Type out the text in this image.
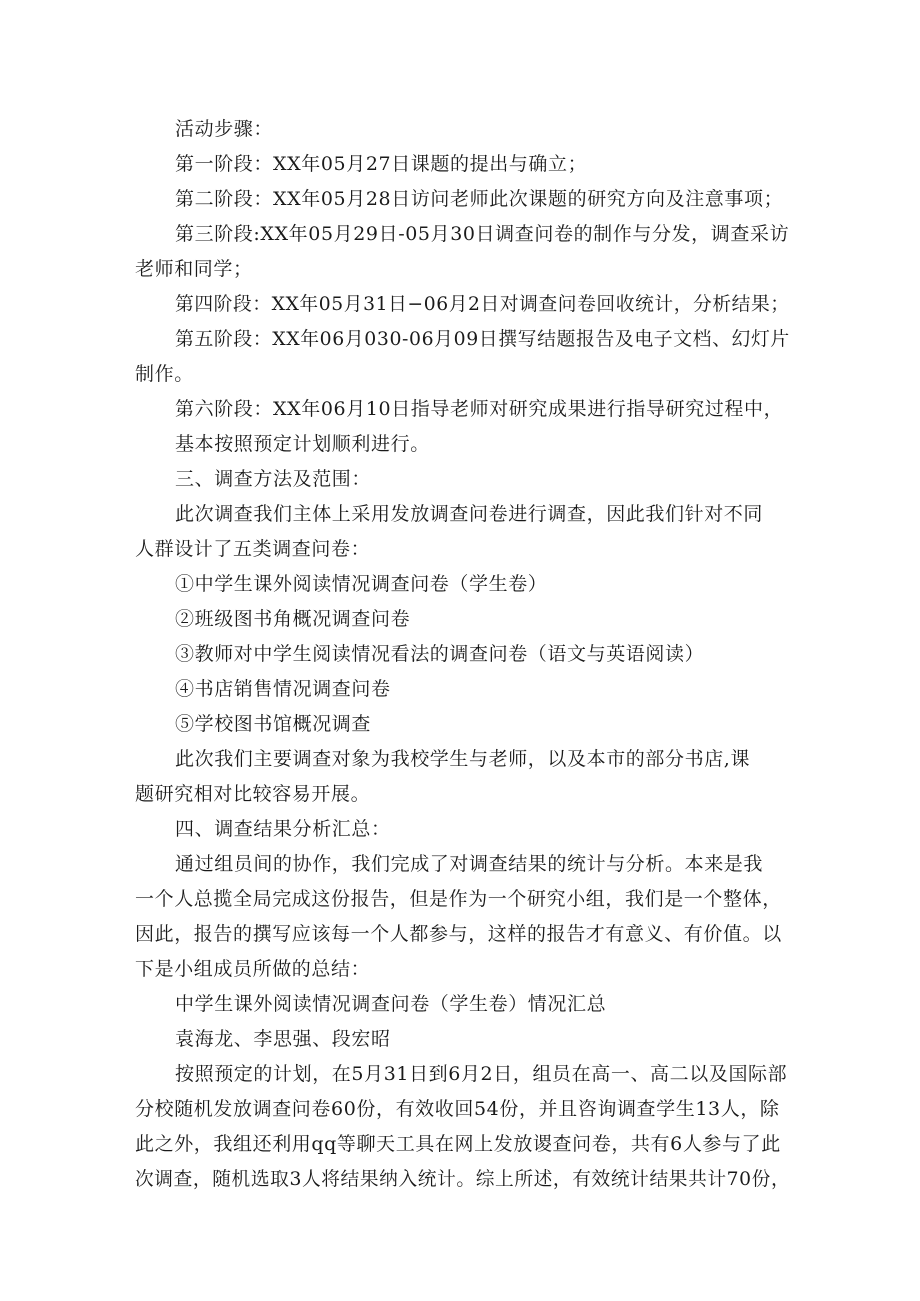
活动步骤：

第一阶段：XX年05月27日课题的提出与确立；

第二阶段：XX年05月28日访问老师此次课题的研究方向及注意事项；

第三阶段:XX年05月29日-05月30日调查问卷的制作与分发，调查采访

老师和同学；

第四阶段：XX年05月31日−06月2日对调查问卷回收统计，分析结果；

第五阶段：XX年06月030-06月09日撰写结题报告及电子文档、幻灯片

制作。

第六阶段：XX年06月10日指导老师对研究成果进行指导研究过程中，

基本按照预定计划顺利进行。

三、调查方法及范围：

此次调查我们主体上采用发放调查问卷进行调查，因此我们针对不同

人群设计了五类调查问卷：

①中学生课外阅读情况调查问卷（学生卷）

②班级图书角概况调查问卷

③教师对中学生阅读情况看法的调查问卷（语文与英语阅读）

④书店销售情况调查问卷

⑤学校图书馆概况调查

此次我们主要调查对象为我校学生与老师，以及本市的部分书店,课

题研究相对比较容易开展。

四、调查结果分析汇总：

通过组员间的协作，我们完成了对调查结果的统计与分析。本来是我

一个人总揽全局完成这份报告，但是作为一个研究小组，我们是一个整体，

因此，报告的撰写应该每一个人都参与，这样的报告才有意义、有价值。以

下是小组成员所做的总结：

中学生课外阅读情况调查问卷（学生卷）情况汇总

袁海龙、李思强、段宏昭

按照预定的计划，在5月31日到6月2日，组员在高一、高二以及国际部

分校随机发放调查问卷60份，有效收回54份，并且咨询调查学生13人，除

此之外，我组还利用qq等聊天工具在网上发放谡查问卷，共有6人参与了此

次调查，随机选取3人将结果纳入统计。综上所述，有效统计结果共计70份，
